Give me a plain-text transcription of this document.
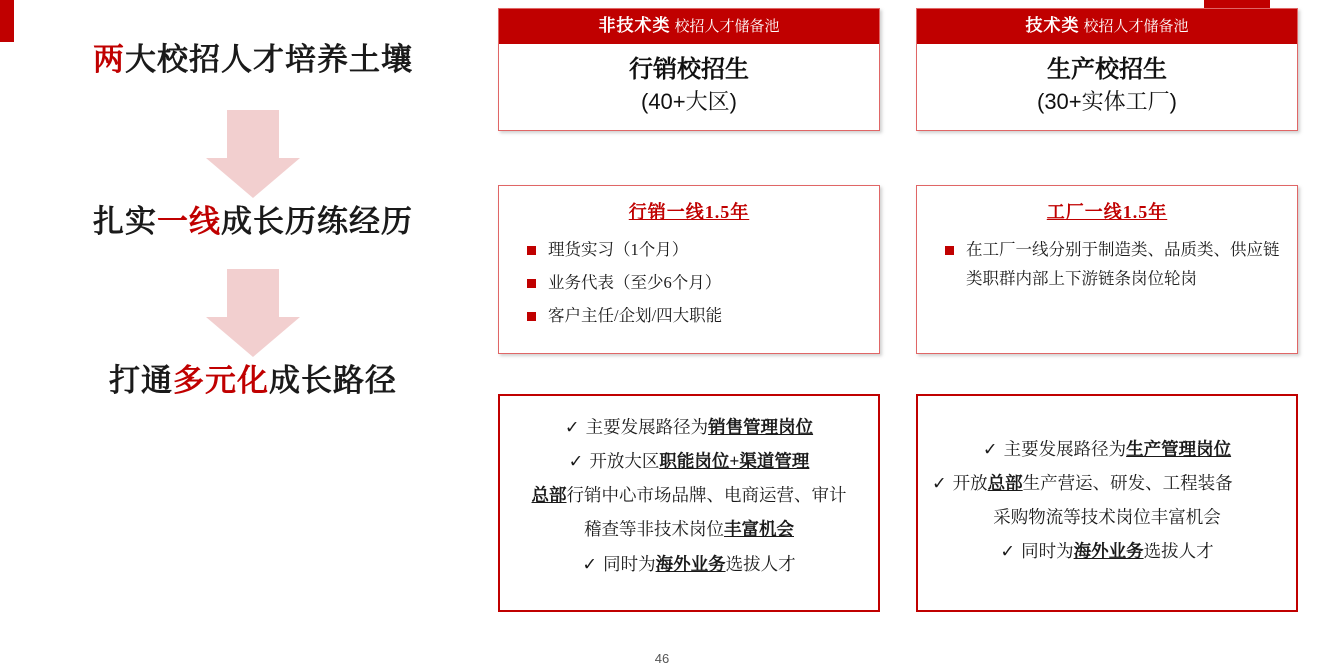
两大校招人才培养土壤
扎实一线成长历练经历
打通多元化成长路径
非技术类 校招人才储备池
行销校招生
(40+大区)
技术类 校招人才储备池
生产校招生
(30+实体工厂)
行销一线1.5年
理货实习（1个月）
业务代表（至少6个月）
客户主任/企划/四大职能
工厂一线1.5年
在工厂一线分别于制造类、品质类、供应链类职群内部上下游链条岗位轮岗
✓ 主要发展路径为销售管理岗位
✓ 开放大区职能岗位+渠道管理
总部行销中心市场品牌、电商运营、审计
稽查等非技术岗位丰富机会
✓ 同时为海外业务选拔人才
✓ 主要发展路径为生产管理岗位
✓ 开放总部生产营运、研发、工程装备
采购物流等技术岗位丰富机会
✓ 同时为海外业务选拔人才
46
